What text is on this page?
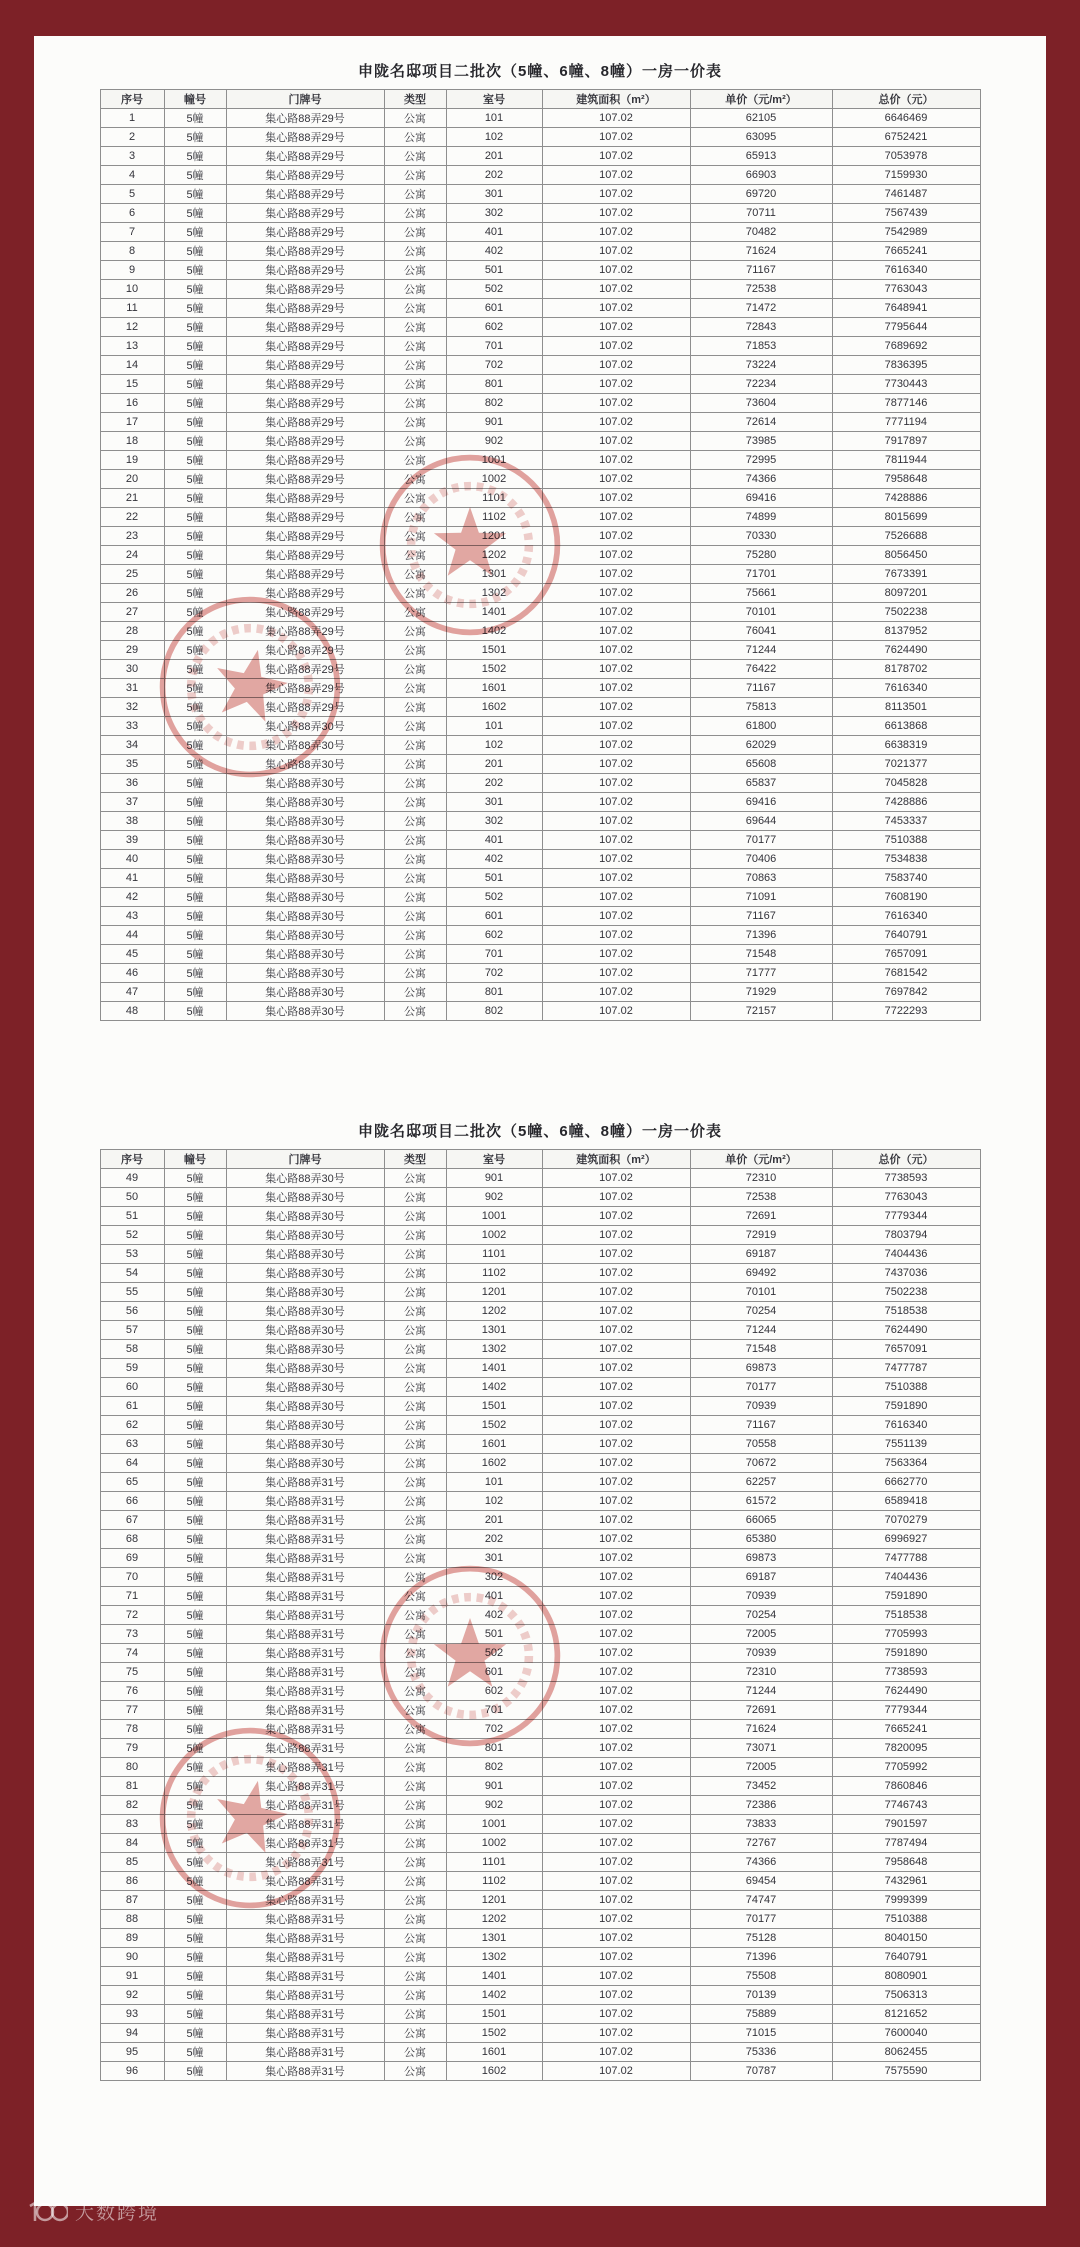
申陇名邸项目二批次（5幢、6幢、8幢）一房一价表
序号	幢号	门牌号	类型	室号	建筑面积（m²）	单价（元/m²）	总价（元）
1	5幢	集心路88弄29号	公寓	101	107.02	62105	6646469
2	5幢	集心路88弄29号	公寓	102	107.02	63095	6752421
3	5幢	集心路88弄29号	公寓	201	107.02	65913	7053978
4	5幢	集心路88弄29号	公寓	202	107.02	66903	7159930
5	5幢	集心路88弄29号	公寓	301	107.02	69720	7461487
6	5幢	集心路88弄29号	公寓	302	107.02	70711	7567439
7	5幢	集心路88弄29号	公寓	401	107.02	70482	7542989
8	5幢	集心路88弄29号	公寓	402	107.02	71624	7665241
9	5幢	集心路88弄29号	公寓	501	107.02	71167	7616340
10	5幢	集心路88弄29号	公寓	502	107.02	72538	7763043
11	5幢	集心路88弄29号	公寓	601	107.02	71472	7648941
12	5幢	集心路88弄29号	公寓	602	107.02	72843	7795644
13	5幢	集心路88弄29号	公寓	701	107.02	71853	7689692
14	5幢	集心路88弄29号	公寓	702	107.02	73224	7836395
15	5幢	集心路88弄29号	公寓	801	107.02	72234	7730443
16	5幢	集心路88弄29号	公寓	802	107.02	73604	7877146
17	5幢	集心路88弄29号	公寓	901	107.02	72614	7771194
18	5幢	集心路88弄29号	公寓	902	107.02	73985	7917897
19	5幢	集心路88弄29号	公寓	1001	107.02	72995	7811944
20	5幢	集心路88弄29号	公寓	1002	107.02	74366	7958648
21	5幢	集心路88弄29号	公寓	1101	107.02	69416	7428886
22	5幢	集心路88弄29号	公寓	1102	107.02	74899	8015699
23	5幢	集心路88弄29号	公寓	1201	107.02	70330	7526688
24	5幢	集心路88弄29号	公寓	1202	107.02	75280	8056450
25	5幢	集心路88弄29号	公寓	1301	107.02	71701	7673391
26	5幢	集心路88弄29号	公寓	1302	107.02	75661	8097201
27	5幢	集心路88弄29号	公寓	1401	107.02	70101	7502238
28	5幢	集心路88弄29号	公寓	1402	107.02	76041	8137952
29	5幢	集心路88弄29号	公寓	1501	107.02	71244	7624490
30	5幢	集心路88弄29号	公寓	1502	107.02	76422	8178702
31	5幢	集心路88弄29号	公寓	1601	107.02	71167	7616340
32	5幢	集心路88弄29号	公寓	1602	107.02	75813	8113501
33	5幢	集心路88弄30号	公寓	101	107.02	61800	6613868
34	5幢	集心路88弄30号	公寓	102	107.02	62029	6638319
35	5幢	集心路88弄30号	公寓	201	107.02	65608	7021377
36	5幢	集心路88弄30号	公寓	202	107.02	65837	7045828
37	5幢	集心路88弄30号	公寓	301	107.02	69416	7428886
38	5幢	集心路88弄30号	公寓	302	107.02	69644	7453337
39	5幢	集心路88弄30号	公寓	401	107.02	70177	7510388
40	5幢	集心路88弄30号	公寓	402	107.02	70406	7534838
41	5幢	集心路88弄30号	公寓	501	107.02	70863	7583740
42	5幢	集心路88弄30号	公寓	502	107.02	71091	7608190
43	5幢	集心路88弄30号	公寓	601	107.02	71167	7616340
44	5幢	集心路88弄30号	公寓	602	107.02	71396	7640791
45	5幢	集心路88弄30号	公寓	701	107.02	71548	7657091
46	5幢	集心路88弄30号	公寓	702	107.02	71777	7681542
47	5幢	集心路88弄30号	公寓	801	107.02	71929	7697842
48	5幢	集心路88弄30号	公寓	802	107.02	72157	7722293
申陇名邸项目二批次（5幢、6幢、8幢）一房一价表
序号	幢号	门牌号	类型	室号	建筑面积（m²）	单价（元/m²）	总价（元）
49	5幢	集心路88弄30号	公寓	901	107.02	72310	7738593
50	5幢	集心路88弄30号	公寓	902	107.02	72538	7763043
51	5幢	集心路88弄30号	公寓	1001	107.02	72691	7779344
52	5幢	集心路88弄30号	公寓	1002	107.02	72919	7803794
53	5幢	集心路88弄30号	公寓	1101	107.02	69187	7404436
54	5幢	集心路88弄30号	公寓	1102	107.02	69492	7437036
55	5幢	集心路88弄30号	公寓	1201	107.02	70101	7502238
56	5幢	集心路88弄30号	公寓	1202	107.02	70254	7518538
57	5幢	集心路88弄30号	公寓	1301	107.02	71244	7624490
58	5幢	集心路88弄30号	公寓	1302	107.02	71548	7657091
59	5幢	集心路88弄30号	公寓	1401	107.02	69873	7477787
60	5幢	集心路88弄30号	公寓	1402	107.02	70177	7510388
61	5幢	集心路88弄30号	公寓	1501	107.02	70939	7591890
62	5幢	集心路88弄30号	公寓	1502	107.02	71167	7616340
63	5幢	集心路88弄30号	公寓	1601	107.02	70558	7551139
64	5幢	集心路88弄30号	公寓	1602	107.02	70672	7563364
65	5幢	集心路88弄31号	公寓	101	107.02	62257	6662770
66	5幢	集心路88弄31号	公寓	102	107.02	61572	6589418
67	5幢	集心路88弄31号	公寓	201	107.02	66065	7070279
68	5幢	集心路88弄31号	公寓	202	107.02	65380	6996927
69	5幢	集心路88弄31号	公寓	301	107.02	69873	7477788
70	5幢	集心路88弄31号	公寓	302	107.02	69187	7404436
71	5幢	集心路88弄31号	公寓	401	107.02	70939	7591890
72	5幢	集心路88弄31号	公寓	402	107.02	70254	7518538
73	5幢	集心路88弄31号	公寓	501	107.02	72005	7705993
74	5幢	集心路88弄31号	公寓	502	107.02	70939	7591890
75	5幢	集心路88弄31号	公寓	601	107.02	72310	7738593
76	5幢	集心路88弄31号	公寓	602	107.02	71244	7624490
77	5幢	集心路88弄31号	公寓	701	107.02	72691	7779344
78	5幢	集心路88弄31号	公寓	702	107.02	71624	7665241
79	5幢	集心路88弄31号	公寓	801	107.02	73071	7820095
80	5幢	集心路88弄31号	公寓	802	107.02	72005	7705992
81	5幢	集心路88弄31号	公寓	901	107.02	73452	7860846
82	5幢	集心路88弄31号	公寓	902	107.02	72386	7746743
83	5幢	集心路88弄31号	公寓	1001	107.02	73833	7901597
84	5幢	集心路88弄31号	公寓	1002	107.02	72767	7787494
85	5幢	集心路88弄31号	公寓	1101	107.02	74366	7958648
86	5幢	集心路88弄31号	公寓	1102	107.02	69454	7432961
87	5幢	集心路88弄31号	公寓	1201	107.02	74747	7999399
88	5幢	集心路88弄31号	公寓	1202	107.02	70177	7510388
89	5幢	集心路88弄31号	公寓	1301	107.02	75128	8040150
90	5幢	集心路88弄31号	公寓	1302	107.02	71396	7640791
91	5幢	集心路88弄31号	公寓	1401	107.02	75508	8080901
92	5幢	集心路88弄31号	公寓	1402	107.02	70139	7506313
93	5幢	集心路88弄31号	公寓	1501	107.02	75889	8121652
94	5幢	集心路88弄31号	公寓	1502	107.02	71015	7600040
95	5幢	集心路88弄31号	公寓	1601	107.02	75336	8062455
96	5幢	集心路88弄31号	公寓	1602	107.02	70787	7575590
大数跨境
